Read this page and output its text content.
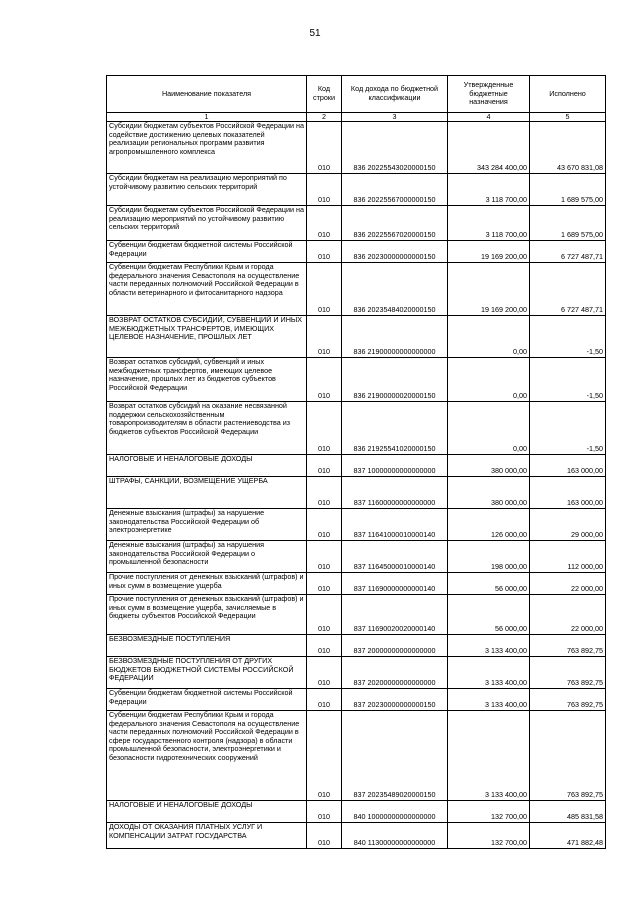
51
Наименование показателя	Код строки	Код дохода по бюджетной классификации	Утвержденные бюджетные назначения	Исполнено
1	2	3	4	5
Субсидии бюджетам субъектов Российской Федерации на содействие достижению целевых показателей реализации региональных программ развития агропромышленного комплекса	010	836 20225543020000150	343 284 400,00	43 670 831,08
Субсидии бюджетам на реализацию мероприятий по устойчивому развитию сельских территорий	010	836 20225567000000150	3 118 700,00	1 689 575,00
Субсидии бюджетам субъектов Российской Федерации на реализацию мероприятий по устойчивому развитию сельских территорий	010	836 20225567020000150	3 118 700,00	1 689 575,00
Субвенции бюджетам бюджетной системы Российской Федерации	010	836 20230000000000150	19 169 200,00	6 727 487,71
Субвенции бюджетам Республики Крым и города федерального значения Севастополя на осуществление части переданных полномочий Российской Федерации в области ветеринарного и фитосанитарного надзора	010	836 20235484020000150	19 169 200,00	6 727 487,71
ВОЗВРАТ ОСТАТКОВ СУБСИДИЙ, СУБВЕНЦИЙ И ИНЫХ МЕЖБЮДЖЕТНЫХ ТРАНСФЕРТОВ, ИМЕЮЩИХ ЦЕЛЕВОЕ НАЗНАЧЕНИЕ, ПРОШЛЫХ ЛЕТ	010	836 21900000000000000	0,00	-1,50
Возврат остатков субсидий, субвенций и иных межбюджетных трансфертов, имеющих целевое назначение, прошлых лет из бюджетов субъектов Российской Федерации	010	836 21900000020000150	0,00	-1,50
Возврат остатков субсидий на оказание несвязанной поддержки сельскохозяйственным товаропроизводителям в области растениеводства из бюджетов субъектов Российской Федерации	010	836 21925541020000150	0,00	-1,50
НАЛОГОВЫЕ И НЕНАЛОГОВЫЕ ДОХОДЫ	010	837 10000000000000000	380 000,00	163 000,00
ШТРАФЫ, САНКЦИИ, ВОЗМЕЩЕНИЕ УЩЕРБА	010	837 11600000000000000	380 000,00	163 000,00
Денежные взыскания (штрафы) за нарушение законодательства Российской Федерации об электроэнергетике	010	837 11641000010000140	126 000,00	29 000,00
Денежные взыскания (штрафы) за нарушения законодательства Российской Федерации о промышленной безопасности	010	837 11645000010000140	198 000,00	112 000,00
Прочие поступления от денежных взысканий (штрафов) и иных сумм в возмещение ущерба	010	837 11690000000000140	56 000,00	22 000,00
Прочие поступления от денежных взысканий (штрафов) и иных сумм в возмещение ущерба, зачисляемые в бюджеты субъектов Российской Федерации	010	837 11690020020000140	56 000,00	22 000,00
БЕЗВОЗМЕЗДНЫЕ ПОСТУПЛЕНИЯ	010	837 20000000000000000	3 133 400,00	763 892,75
БЕЗВОЗМЕЗДНЫЕ ПОСТУПЛЕНИЯ ОТ ДРУГИХ БЮДЖЕТОВ БЮДЖЕТНОЙ СИСТЕМЫ РОССИЙСКОЙ ФЕДЕРАЦИИ	010	837 20200000000000000	3 133 400,00	763 892,75
Субвенции бюджетам бюджетной системы Российской Федерации	010	837 20230000000000150	3 133 400,00	763 892,75
Субвенции бюджетам Республики Крым и города федерального значения Севастополя на осуществление части переданных полномочий Российской Федерации в сфере государственного контроля (надзора) в области промышленной безопасности, электроэнергетики и безопасности гидротехнических сооружений	010	837 20235489020000150	3 133 400,00	763 892,75
НАЛОГОВЫЕ И НЕНАЛОГОВЫЕ ДОХОДЫ	010	840 10000000000000000	132 700,00	485 831,58
ДОХОДЫ ОТ ОКАЗАНИЯ ПЛАТНЫХ УСЛУГ И КОМПЕНСАЦИИ ЗАТРАТ ГОСУДАРСТВА	010	840 11300000000000000	132 700,00	471 882,48
